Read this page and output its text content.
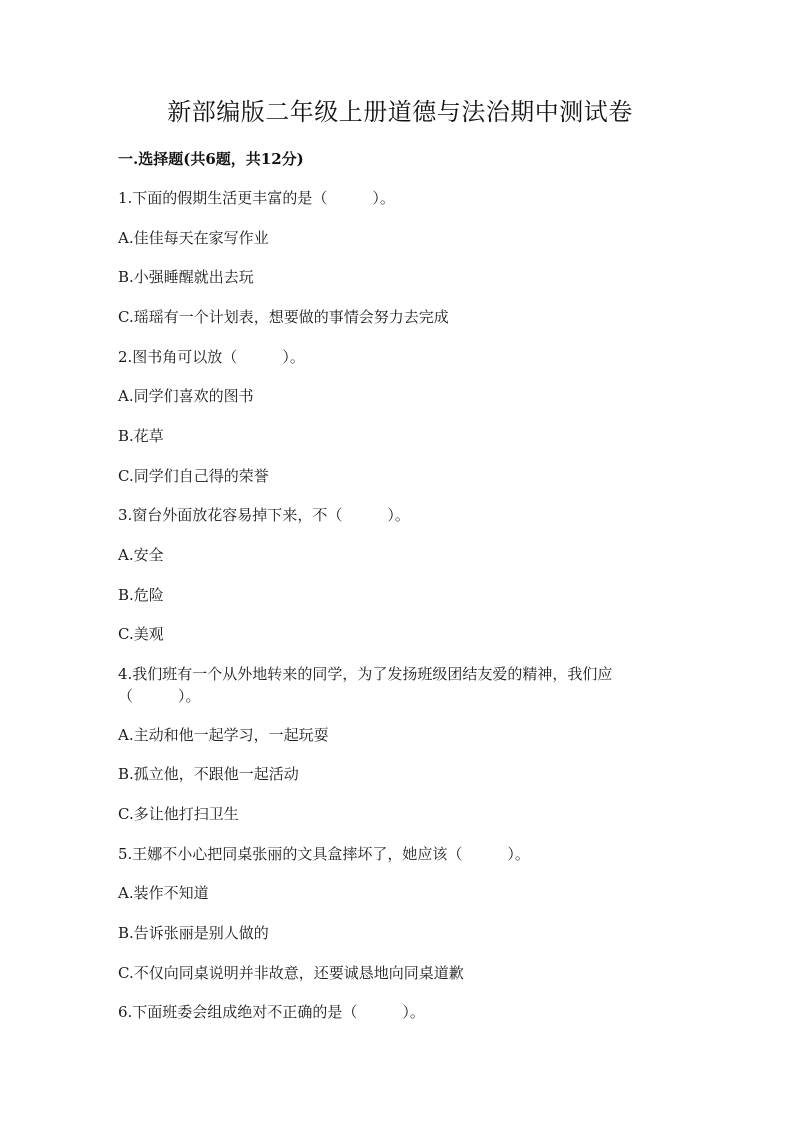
新部编版二年级上册道德与法治期中测试卷
一.选择题(共6题，共12分)
1.下面的假期生活更丰富的是（　　　）。
A.佳佳每天在家写作业
B.小强睡醒就出去玩
C.瑶瑶有一个计划表，想要做的事情会努力去完成
2.图书角可以放（　　　）。
A.同学们喜欢的图书
B.花草
C.同学们自己得的荣誉
3.窗台外面放花容易掉下来，不（　　　）。
A.安全
B.危险
C.美观
4.我们班有一个从外地转来的同学，为了发扬班级团结友爱的精神，我们应（　　　）。
A.主动和他一起学习，一起玩耍
B.孤立他，不跟他一起活动
C.多让他打扫卫生
5.王娜不小心把同桌张丽的文具盒摔坏了，她应该（　　　）。
A.装作不知道
B.告诉张丽是别人做的
C.不仅向同桌说明并非故意，还要诚恳地向同桌道歉
6.下面班委会组成绝对不正确的是（　　　）。
